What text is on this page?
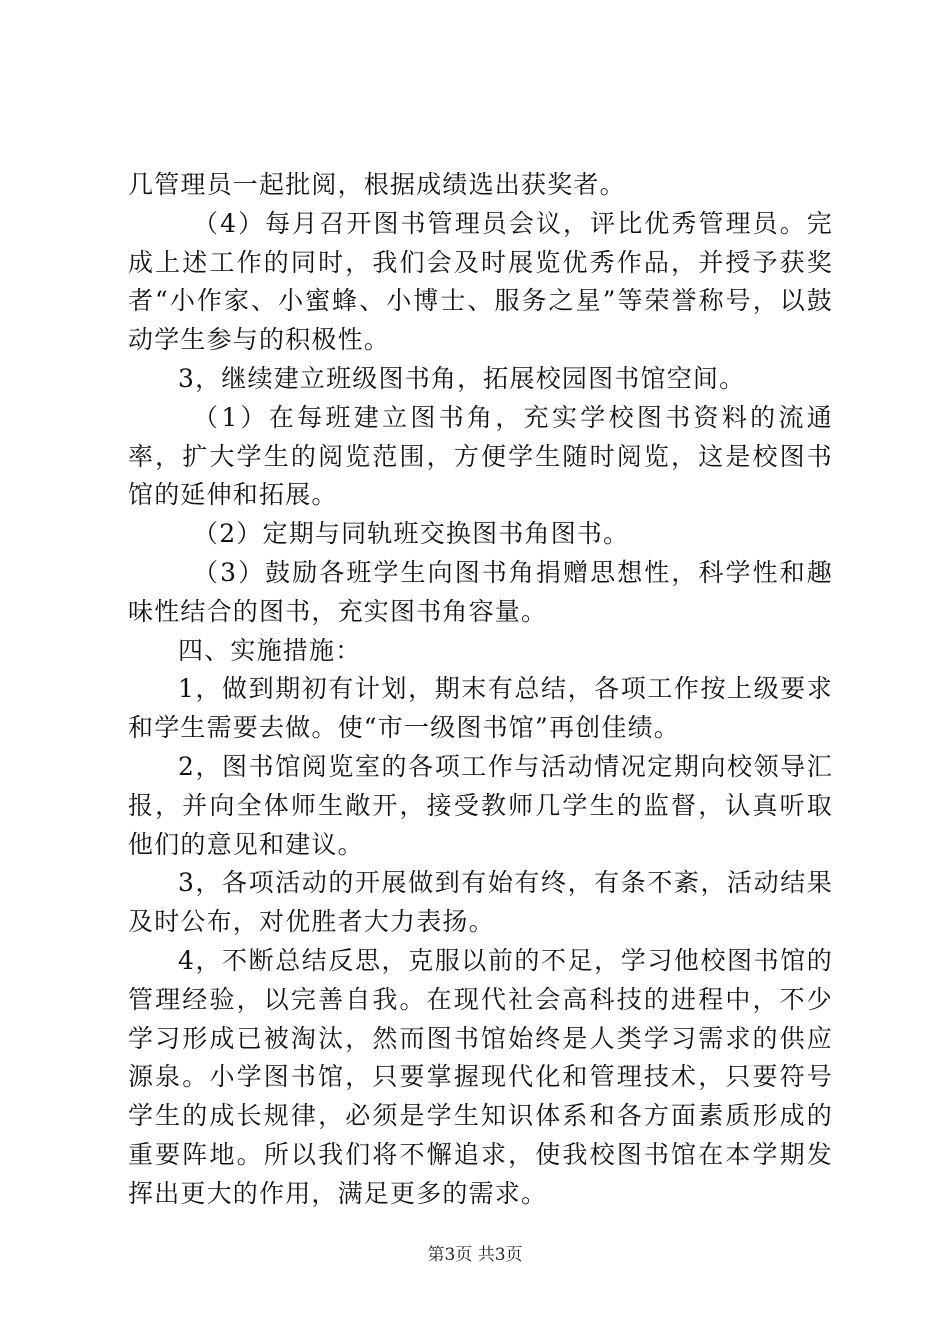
几管理员一起批阅，根据成绩选出获奖者。

（4）每月召开图书管理员会议，评比优秀管理员。完成上述工作的同时，我们会及时展览优秀作品，并授予获奖者“小作家、小蜜蜂、小博士、服务之星”等荣誉称号，以鼓动学生参与的积极性。

3，继续建立班级图书角，拓展校园图书馆空间。

（1）在每班建立图书角，充实学校图书资料的流通率，扩大学生的阅览范围，方便学生随时阅览，这是校图书馆的延伸和拓展。

（2）定期与同轨班交换图书角图书。

（3）鼓励各班学生向图书角捐赠思想性，科学性和趣味性结合的图书，充实图书角容量。

四、实施措施：

1，做到期初有计划，期末有总结，各项工作按上级要求和学生需要去做。使“市一级图书馆”再创佳绩。

2，图书馆阅览室的各项工作与活动情况定期向校领导汇报，并向全体师生敞开，接受教师几学生的监督，认真听取他们的意见和建议。

3，各项活动的开展做到有始有终，有条不紊，活动结果及时公布，对优胜者大力表扬。

4，不断总结反思，克服以前的不足，学习他校图书馆的管理经验，以完善自我。在现代社会高科技的进程中，不少学习形成已被淘汰，然而图书馆始终是人类学习需求的供应源泉。小学图书馆，只要掌握现代化和管理技术，只要符号学生的成长规律，必须是学生知识体系和各方面素质形成的重要阵地。所以我们将不懈追求，使我校图书馆在本学期发挥出更大的作用，满足更多的需求。

第3页 共3页
